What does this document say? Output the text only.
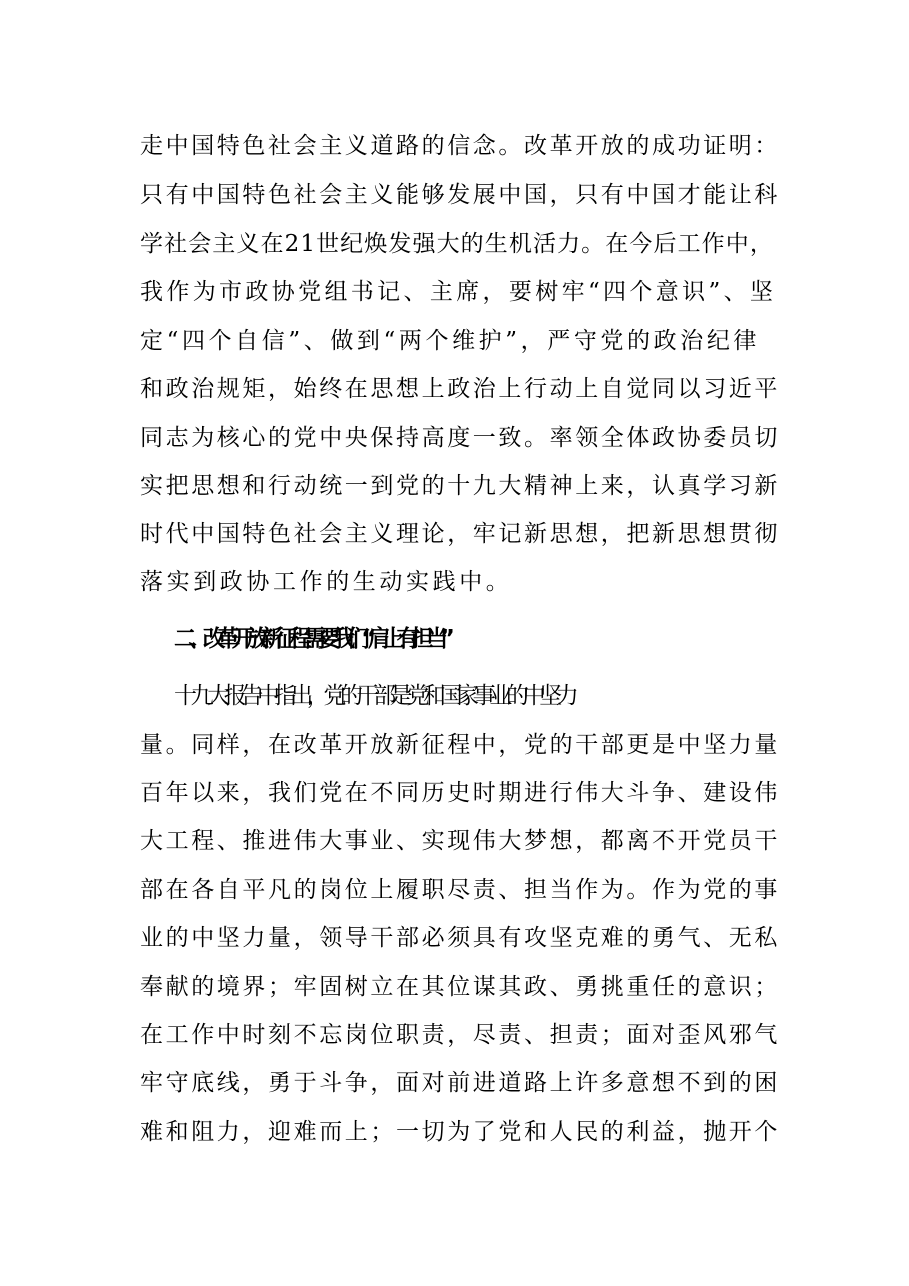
走中国特色社会主义道路的信念。改革开放的成功证明：
只有中国特色社会主义能够发展中国，只有中国才能让科
学社会主义在21世纪焕发强大的生机活力。在今后工作中，
我作为市政协党组书记、主席，要树牢“四个意识”、坚
定“四个自信”、做到“两个维护”，严守党的政治纪律
和政治规矩，始终在思想上政治上行动上自觉同以习近平
同志为核心的党中央保持高度一致。率领全体政协委员切
实把思想和行动统一到党的十九大精神上来，认真学习新
时代中国特色社会主义理论，牢记新思想，把新思想贯彻
落实到政协工作的生动实践中。
二、改革开放新征程需要我们“肩上有担当”
十九大报告中指出，党的干部是党和国家事业的中坚力
量。同样，在改革开放新征程中，党的干部更是中坚力量
百年以来，我们党在不同历史时期进行伟大斗争、建设伟
大工程、推进伟大事业、实现伟大梦想，都离不开党员干
部在各自平凡的岗位上履职尽责、担当作为。作为党的事
业的中坚力量，领导干部必须具有攻坚克难的勇气、无私
奉献的境界；牢固树立在其位谋其政、勇挑重任的意识；
在工作中时刻不忘岗位职责，尽责、担责；面对歪风邪气
牢守底线，勇于斗争，面对前进道路上许多意想不到的困
难和阻力，迎难而上；一切为了党和人民的利益，抛开个
